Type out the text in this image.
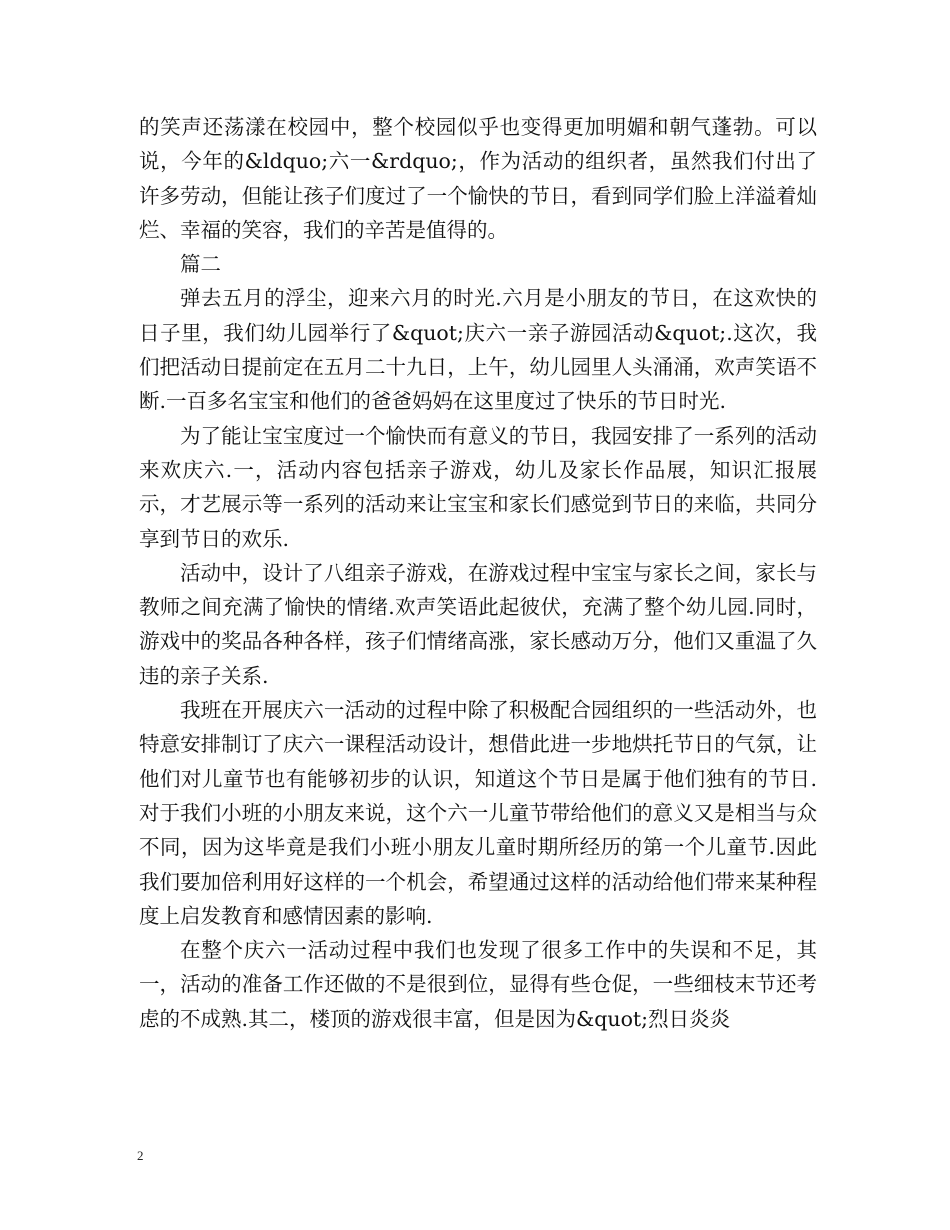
的笑声还荡漾在校园中，整个校园似乎也变得更加明媚和朝气蓬勃。可以说，今年的&ldquo;六一&rdquo;，作为活动的组织者，虽然我们付出了许多劳动，但能让孩子们度过了一个愉快的节日，看到同学们脸上洋溢着灿烂、幸福的笑容，我们的辛苦是值得的。

篇二

弹去五月的浮尘，迎来六月的时光.六月是小朋友的节日，在这欢快的日子里，我们幼儿园举行了&quot;庆六一亲子游园活动&quot;.这次，我们把活动日提前定在五月二十九日，上午，幼儿园里人头涌涌，欢声笑语不断.一百多名宝宝和他们的爸爸妈妈在这里度过了快乐的节日时光.

为了能让宝宝度过一个愉快而有意义的节日，我园安排了一系列的活动来欢庆六.一，活动内容包括亲子游戏，幼儿及家长作品展，知识汇报展示，才艺展示等一系列的活动来让宝宝和家长们感觉到节日的来临，共同分享到节日的欢乐.

活动中，设计了八组亲子游戏，在游戏过程中宝宝与家长之间，家长与教师之间充满了愉快的情绪.欢声笑语此起彼伏，充满了整个幼儿园.同时，游戏中的奖品各种各样，孩子们情绪高涨，家长感动万分，他们又重温了久违的亲子关系.

我班在开展庆六一活动的过程中除了积极配合园组织的一些活动外，也特意安排制订了庆六一课程活动设计，想借此进一步地烘托节日的气氛，让他们对儿童节也有能够初步的认识，知道这个节日是属于他们独有的节日.对于我们小班的小朋友来说，这个六一儿童节带给他们的意义又是相当与众不同，因为这毕竟是我们小班小朋友儿童时期所经历的第一个儿童节.因此我们要加倍利用好这样的一个机会，希望通过这样的活动给他们带来某种程度上启发教育和感情因素的影响.

在整个庆六一活动过程中我们也发现了很多工作中的失误和不足，其一，活动的准备工作还做的不是很到位，显得有些仓促，一些细枝末节还考虑的不成熟.其二，楼顶的游戏很丰富，但是因为&quot;烈日炎炎

2
